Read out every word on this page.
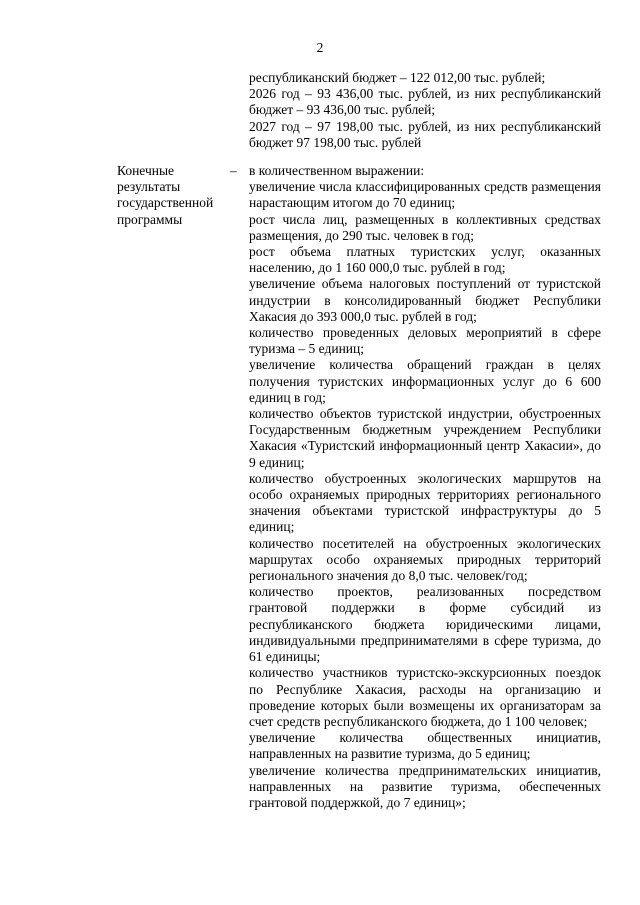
2

республиканский бюджет – 122 012,00 тыс. рублей;

2026 год – 93 436,00 тыс. рублей, из них республиканский бюджет – 93 436,00 тыс. рублей;

2027 год – 97 198,00 тыс. рублей, из них республиканский бюджет 97 198,00 тыс. рублей

Конечные

результаты

государственной

программы

– в количественном выражении:

увеличение числа классифицированных средств размещения нарастающим итогом до 70 единиц;

рост числа лиц, размещенных в коллективных средствах размещения, до 290 тыс. человек в год;

рост объема платных туристских услуг, оказанных населению, до 1 160 000,0 тыс. рублей в год;

увеличение объема налоговых поступлений от туристской индустрии в консолидированный бюджет Республики Хакасия до 393 000,0 тыс. рублей в год;

количество проведенных деловых мероприятий в сфере туризма – 5 единиц;

увеличение количества обращений граждан в целях получения туристских информационных услуг до 6 600 единиц в год;

количество объектов туристской индустрии, обустроенных Государственным бюджетным учреждением Республики Хакасия «Туристский информационный центр Хакасии», до 9 единиц;

количество обустроенных экологических маршрутов на особо охраняемых природных территориях регионального значения объектами туристской инфраструктуры до 5 единиц;

количество посетителей на обустроенных экологических маршрутах особо охраняемых природных территорий регионального значения до 8,0 тыс. человек/год;

количество проектов, реализованных посредством грантовой поддержки в форме субсидий из республиканского бюджета юридическими лицами, индивидуальными предпринимателями в сфере туризма, до 61 единицы;

количество участников туристско-экскурсионных поездок по Республике Хакасия, расходы на организацию и проведение которых были возмещены их организаторам за счет средств республиканского бюджета, до 1 100 человек;

увеличение количества общественных инициатив, направленных на развитие туризма, до 5 единиц;

увеличение количества предпринимательских инициатив, направленных на развитие туризма, обеспеченных грантовой поддержкой, до 7 единиц»;
